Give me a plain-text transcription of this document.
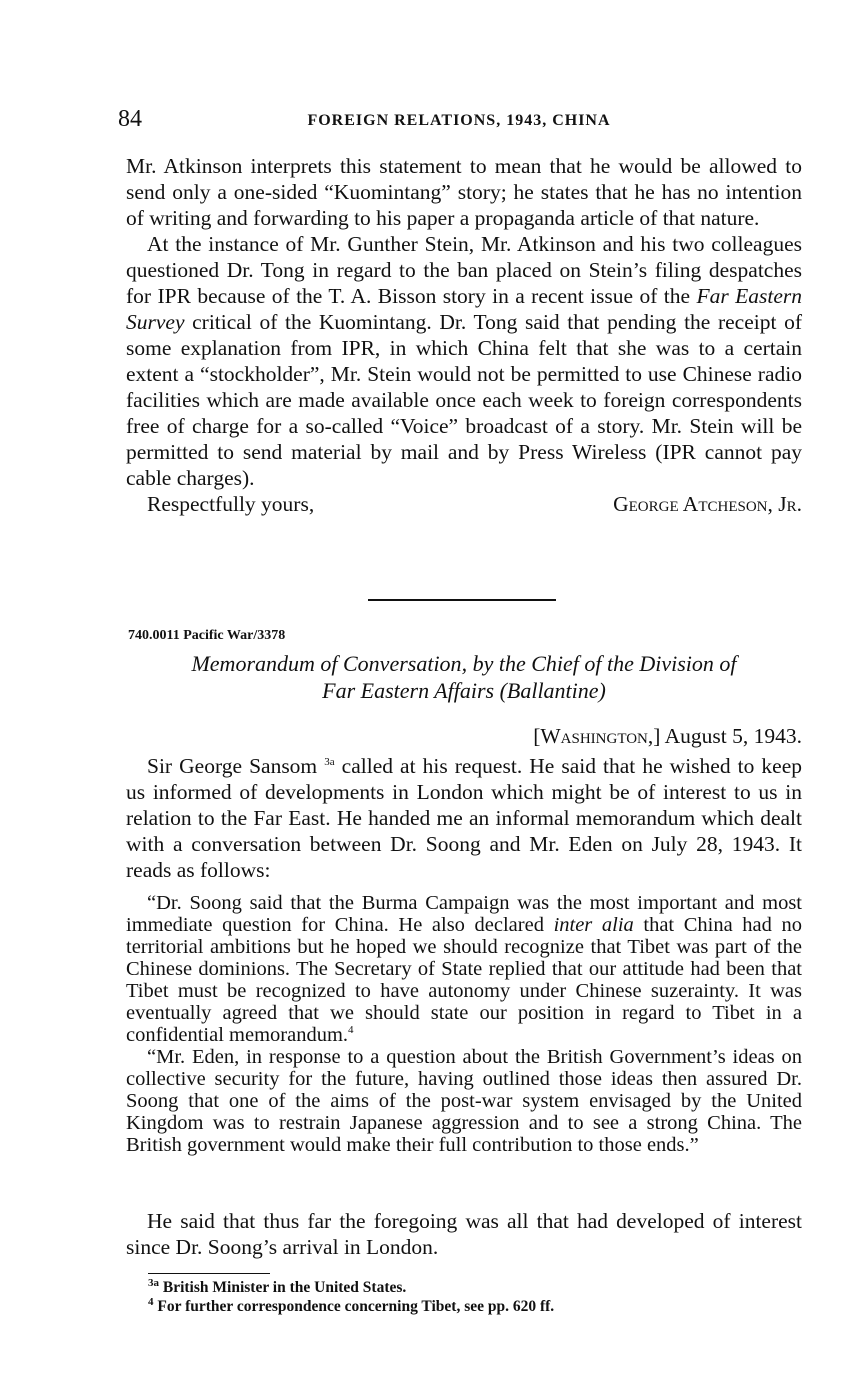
84	FOREIGN RELATIONS, 1943, CHINA

Mr. Atkinson interprets this statement to mean that he would be allowed to send only a one-sided “Kuomintang” story; he states that he has no intention of writing and forwarding to his paper a propaganda article of that nature.

At the instance of Mr. Gunther Stein, Mr. Atkinson and his two colleagues questioned Dr. Tong in regard to the ban placed on Stein’s filing despatches for IPR because of the T. A. Bisson story in a recent issue of the Far Eastern Survey critical of the Kuomintang. Dr. Tong said that pending the receipt of some explanation from IPR, in which China felt that she was to a certain extent a “stockholder”, Mr. Stein would not be permitted to use Chinese radio facilities which are made available once each week to foreign correspondents free of charge for a so-called “Voice” broadcast of a story. Mr. Stein will be permitted to send material by mail and by Press Wireless (IPR cannot pay cable charges).

Respectfully yours,	George Atcheson, Jr.
740.0011 Pacific War/3378
Memorandum of Conversation, by the Chief of the Division of
Far Eastern Affairs (Ballantine)
[Washington,] August 5, 1943.

Sir George Sansom $^{3a}$ called at his request. He said that he wished to keep us informed of developments in London which might be of interest to us in relation to the Far East. He handed me an informal memorandum which dealt with a conversation between Dr. Soong and Mr. Eden on July 28, 1943. It reads as follows:

“Dr. Soong said that the Burma Campaign was the most important and most immediate question for China. He also declared inter alia that China had no territorial ambitions but he hoped we should recognize that Tibet was part of the Chinese dominions. The Secretary of State replied that our attitude had been that Tibet must be recognized to have autonomy under Chinese suzerainty. It was eventually agreed that we should state our position in regard to Tibet in a confidential memorandum.$^4$

“Mr. Eden, in response to a question about the British Government’s ideas on collective security for the future, having outlined those ideas then assured Dr. Soong that one of the aims of the post-war system envisaged by the United Kingdom was to restrain Japanese aggression and to see a strong China. The British government would make their full contribution to those ends.”

He said that thus far the foregoing was all that had developed of interest since Dr. Soong’s arrival in London.

$^{3a}$ British Minister in the United States.
$^4$ For further correspondence concerning Tibet, see pp. 620 ff.
